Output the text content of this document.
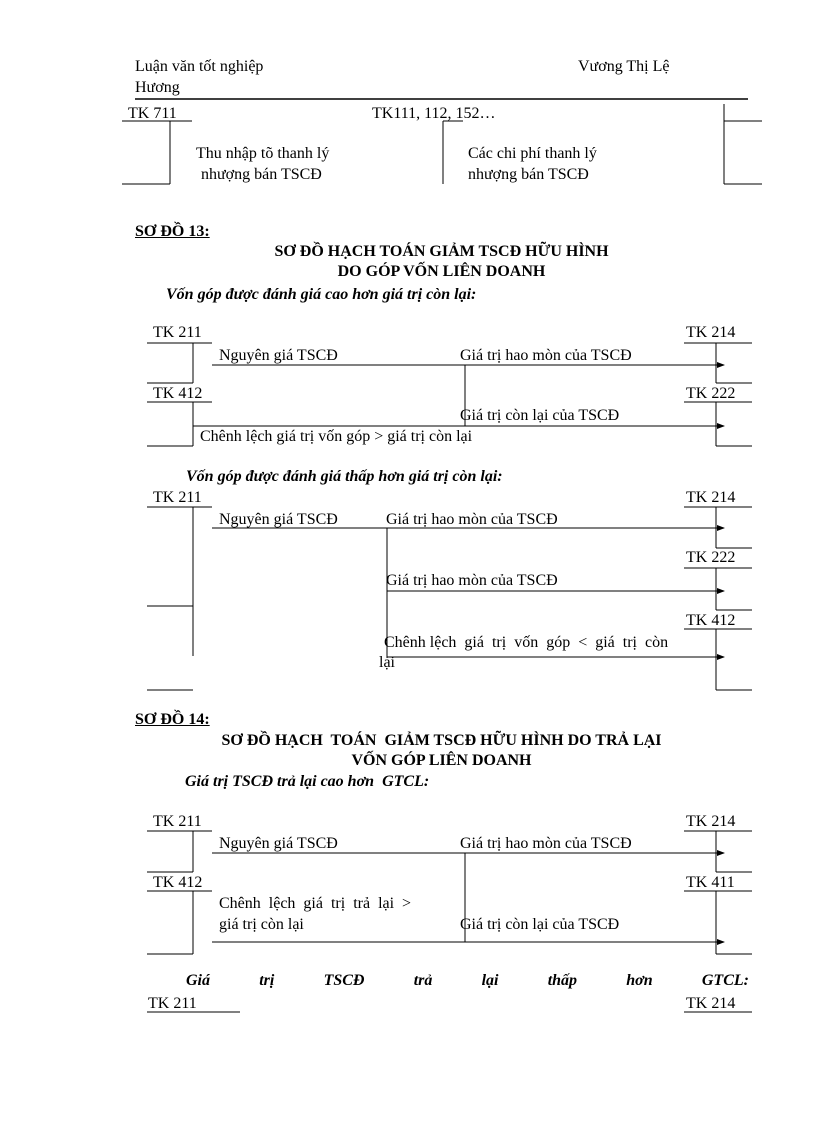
Luận văn tốt nghiệp
Hương
Vương Thị Lệ
TK 711	TK111, 112, 152…
Thu nhập tõ thanh lý
nhượng bán TSCĐ
Các chi phí thanh lý
nhượng bán TSCĐ
SƠ ĐỒ 13:
SƠ ĐỒ HẠCH TOÁN GIẢM TSCĐ HỮU HÌNH
DO GÓP VỐN LIÊN DOANH
Vốn góp được đánh giá cao hơn giá trị còn lại:
TK 211	TK 214
Nguyên giá TSCĐ	Giá trị hao mòn của TSCĐ
TK 412	TK 222
Giá trị còn lại của TSCĐ
Chênh lệch giá trị vốn góp > giá trị còn lại
Vốn góp được đánh giá thấp hơn giá trị còn lại:
TK 211	TK 214
Nguyên giá TSCĐ	Giá trị hao mòn của TSCĐ
TK 222
Giá trị hao mòn của TSCĐ
TK 412
Chênh lệch  giá  trị  vốn  góp  <  giá  trị  còn
lại
SƠ ĐỒ 14:
SƠ ĐỒ HẠCH  TOÁN  GIẢM TSCĐ HỮU HÌNH DO TRẢ LẠI
VỐN GÓP LIÊN DOANH
Giá trị TSCĐ trả lại cao hơn  GTCL:
TK 211	TK 214
Nguyên giá TSCĐ	Giá trị hao mòn của TSCĐ
TK 412	TK 411
Chênh  lệch  giá  trị  trả  lại  >
giá trị còn lại	Giá trị còn lại của TSCĐ
Giá	trị	TSCĐ	trả	lại	thấp	hơn	GTCL:
TK 211	TK 214
